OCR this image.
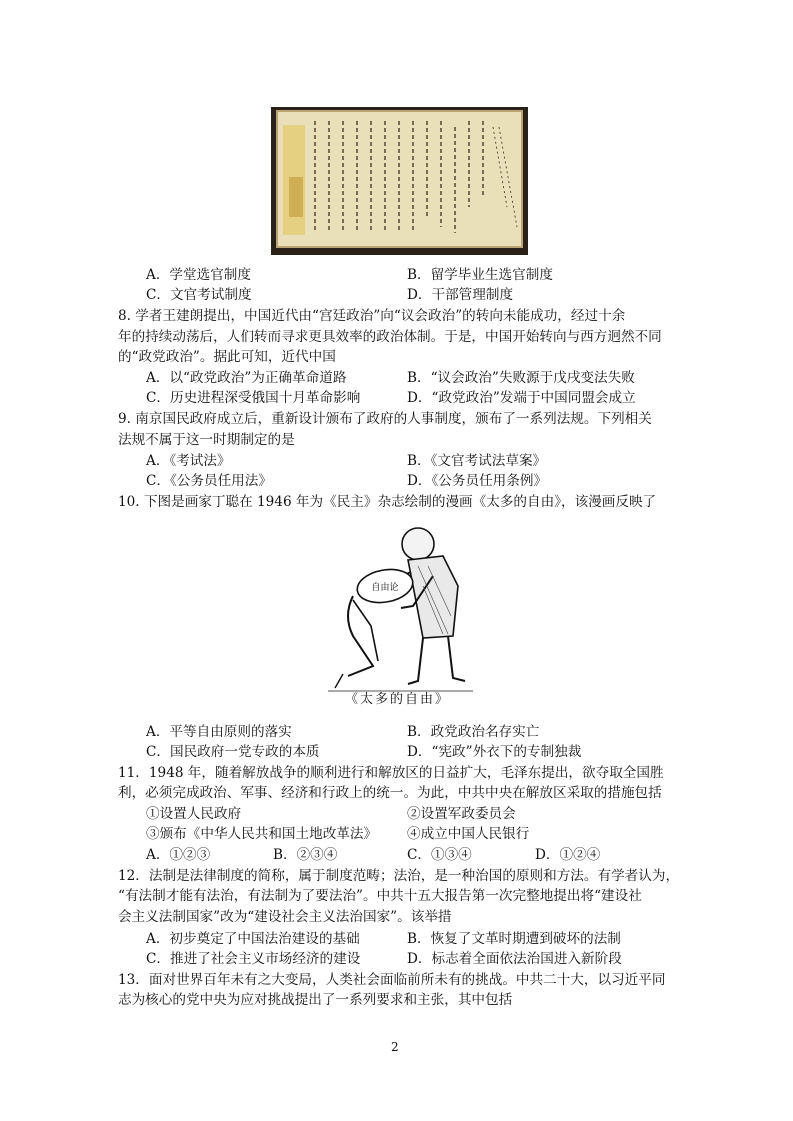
A．学堂选官制度	B．留学毕业生选官制度
C．文官考试制度	D．干部管理制度
8. 学者王建朗提出，中国近代由“宫廷政治”向“议会政治”的转向未能成功，经过十余
年的持续动荡后，人们转而寻求更具效率的政治体制。于是，中国开始转向与西方迥然不同
的“政党政治”。据此可知，近代中国
A．以“政党政治”为正确革命道路	B．“议会政治”失败源于戊戌变法失败
C．历史进程深受俄国十月革命影响	D．“政党政治”发端于中国同盟会成立
9. 南京国民政府成立后，重新设计颁布了政府的人事制度，颁布了一系列法规。下列相关
法规不属于这一时期制定的是
A．《考试法》	B．《文官考试法草案》
C．《公务员任用法》	D．《公务员任用条例》
10. 下图是画家丁聪在 1946 年为《民主》杂志绘制的漫画《太多的自由》，该漫画反映了
自由论
《太多的自由》
A．平等自由原则的落实	B．政党政治名存实亡
C．国民政府一党专政的本质	D．“宪政”外衣下的专制独裁
11．1948 年，随着解放战争的顺利进行和解放区的日益扩大，毛泽东提出，欲夺取全国胜
利，必须完成政治、军事、经济和行政上的统一。为此，中共中央在解放区采取的措施包括
①设置人民政府	②设置军政委员会
③颁布《中华人民共和国土地改革法》 ④成立中国人民银行
A．①②③	B．②③④	C．①③④	D．①②④
12．法制是法律制度的简称，属于制度范畴；法治，是一种治国的原则和方法。有学者认为，
“有法制才能有法治，有法制为了要法治”。中共十五大报告第一次完整地提出将“建设社
会主义法制国家”改为“建设社会主义法治国家”。该举措
A．初步奠定了中国法治建设的基础	B．恢复了文革时期遭到破坏的法制
C．推进了社会主义市场经济的建设	D．标志着全面依法治国进入新阶段
13．面对世界百年未有之大变局，人类社会面临前所未有的挑战。中共二十大，以习近平同
志为核心的党中央为应对挑战提出了一系列要求和主张，其中包括
2
